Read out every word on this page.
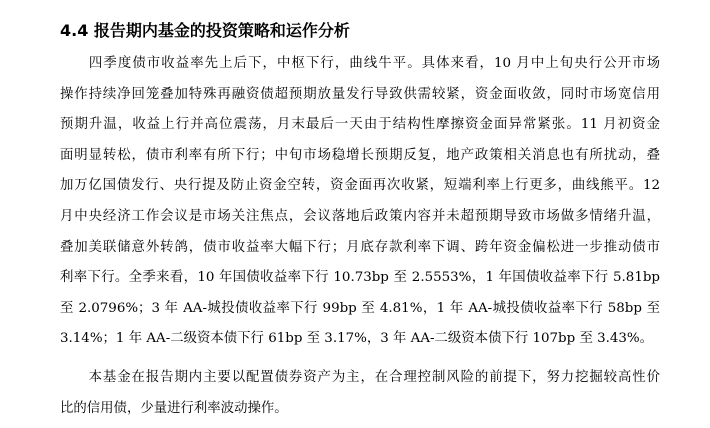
4.4 报告期内基金的投资策略和运作分析
　　四季度债市收益率先上后下，中枢下行，曲线牛平。具体来看，10 月中上旬央行公开市场
操作持续净回笼叠加特殊再融资债超预期放量发行导致供需较紧，资金面收敛，同时市场宽信用
预期升温，收益上行并高位震荡，月末最后一天由于结构性摩擦资金面异常紧张。11 月初资金
面明显转松，债市利率有所下行；中旬市场稳增长预期反复，地产政策相关消息也有所扰动，叠
加万亿国债发行、央行提及防止资金空转，资金面再次收紧，短端利率上行更多，曲线熊平。12
月中央经济工作会议是市场关注焦点，会议落地后政策内容并未超预期导致市场做多情绪升温，
叠加美联储意外转鸽，债市收益率大幅下行；月底存款利率下调、跨年资金偏松进一步推动债市
利率下行。全季来看，10 年国债收益率下行 10.73bp 至 2.5553%，1 年国债收益率下行 5.81bp
至 2.0796%；3 年 AA-城投债收益率下行 99bp 至 4.81%，1 年 AA-城投债收益率下行 58bp 至
3.14%；1 年 AA-二级资本债下行 61bp 至 3.17%，3 年 AA-二级资本债下行 107bp 至 3.43%。
　　本基金在报告期内主要以配置债券资产为主，在合理控制风险的前提下，努力挖掘较高性价
比的信用债，少量进行利率波动操作。
